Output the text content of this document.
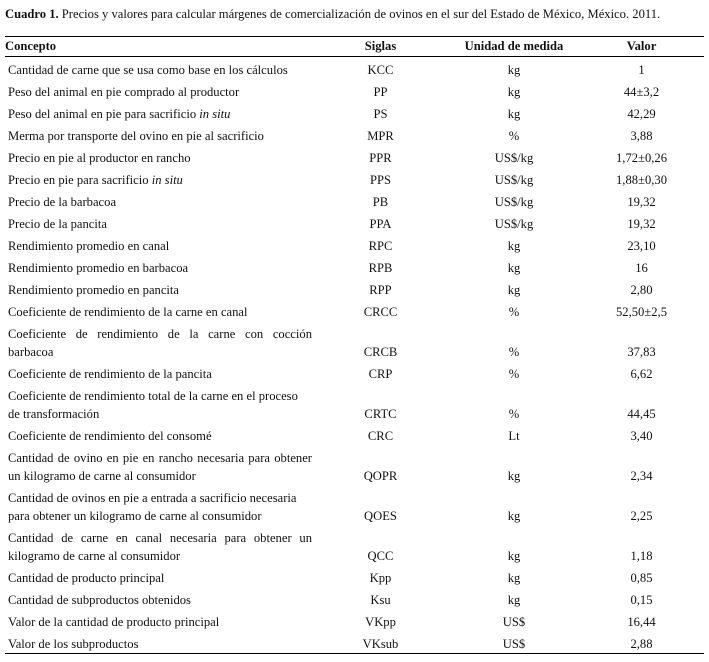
Cuadro 1. Precios y valores para calcular márgenes de comercialización de ovinos en el sur del Estado de México, México. 2011.
Concepto	Siglas	Unidad de medida	Valor
Cantidad de carne que se usa como base en los cálculos	KCC	kg	1
Peso del animal en pie comprado al productor	PP	kg	44±3,2
Peso del animal en pie para sacrificio in situ	PS	kg	42,29
Merma por transporte del ovino en pie al sacrificio	MPR	%	3,88
Precio en pie al productor en rancho	PPR	US$/kg	1,72±0,26
Precio en pie para sacrificio in situ	PPS	US$/kg	1,88±0,30
Precio de la barbacoa	PB	US$/kg	19,32
Precio de la pancita	PPA	US$/kg	19,32
Rendimiento promedio en canal	RPC	kg	23,10
Rendimiento promedio en barbacoa	RPB	kg	16
Rendimiento promedio en pancita	RPP	kg	2,80
Coeficiente de rendimiento de la carne en canal	CRCC	%	52,50±2,5
Coeficiente de rendimiento de la carne con cocción barbacoa	CRCB	%	37,83
Coeficiente de rendimiento de la pancita	CRP	%	6,62
Coeficiente de rendimiento total de la carne en el proceso de transformación	CRTC	%	44,45
Coeficiente de rendimiento del consomé	CRC	Lt	3,40
Cantidad de ovino en pie en rancho necesaria para obtener un kilogramo de carne al consumidor	QOPR	kg	2,34
Cantidad de ovinos en pie a entrada a sacrificio necesaria para obtener un kilogramo de carne al consumidor	QOES	kg	2,25
Cantidad de carne en canal necesaria para obtener un kilogramo de carne al consumidor	QCC	kg	1,18
Cantidad de producto principal	Kpp	kg	0,85
Cantidad de subproductos obtenidos	Ksu	kg	0,15
Valor de la cantidad de producto principal	VKpp	US$	16,44
Valor de los subproductos	VKsub	US$	2,88
